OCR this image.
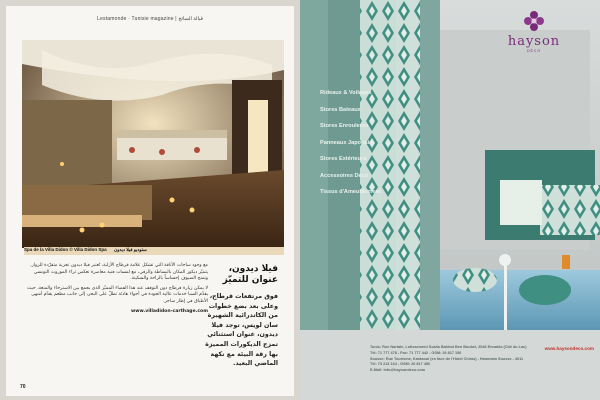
Lestamonde · Tunisie magazine | قبالة السائح
Spa de la Villa Didon © Villa Didon Spa ستوديو فيلا ديدون
فيلا ديدون، عنوان للتميّز
فوق مرتفعات قرطاج، وعلى بعد بضع خطوات من الكاتدرائية الشهيرة سان لويس، توجد فيلا ديدون، عنوان استثنائي تمزج الديكورات المميزة بها رقة البيئة مع نكهة الماضي البعيد.

مع وجود ساحات الأناقة التي تشكل علامة قرطاج الأزلية، تُعتبر فيلا ديدون تجربة متفرّدة للزوار. يتميّز ديكور المكان بالبساطة والرقي، مع لمسات فنية معاصرة تعكس ثراء الموروث التونسي وتمنح الضيوف إحساساً بالراحة والسكينة.

لا يمكن زيارة قرطاج دون التوقف عند هذا الفضاء المميّز الذي يجمع بين الاسترخاء والمتعة، حيث يقدّم السبا خدمات عالية الجودة في أجواء هادئة تطلّ على البحر، إلى جانب مطعم يقدّم أشهى الأطباق في إطار ساحر.

www.villadidon-carthage.com

70
hayson
DÉCO
Rideaux & Voilages
Stores Bateaux
Stores Enrouleurs
Panneaux Japonais
Stores Extérieurs
Accessoires Déco
Tissus d'Ameublement
Tunis: Rue Nartale, Lotissement Scalia Bahirat Ben Boubel, 2046 Ennahla (Cité du Lac)
Tél: 71 777 478 - Fax: 71 777 442 - GSM: 26 817 156
Sousse: Rue Tourisme, Kantaoui (en face de l'Hotel Chiraz) - Hammam Sousse - 4011
Tél: 73 213 164 - GSM: 26 817 456
E-Mail: info@haysondeco.com
www.haysondeco.com
